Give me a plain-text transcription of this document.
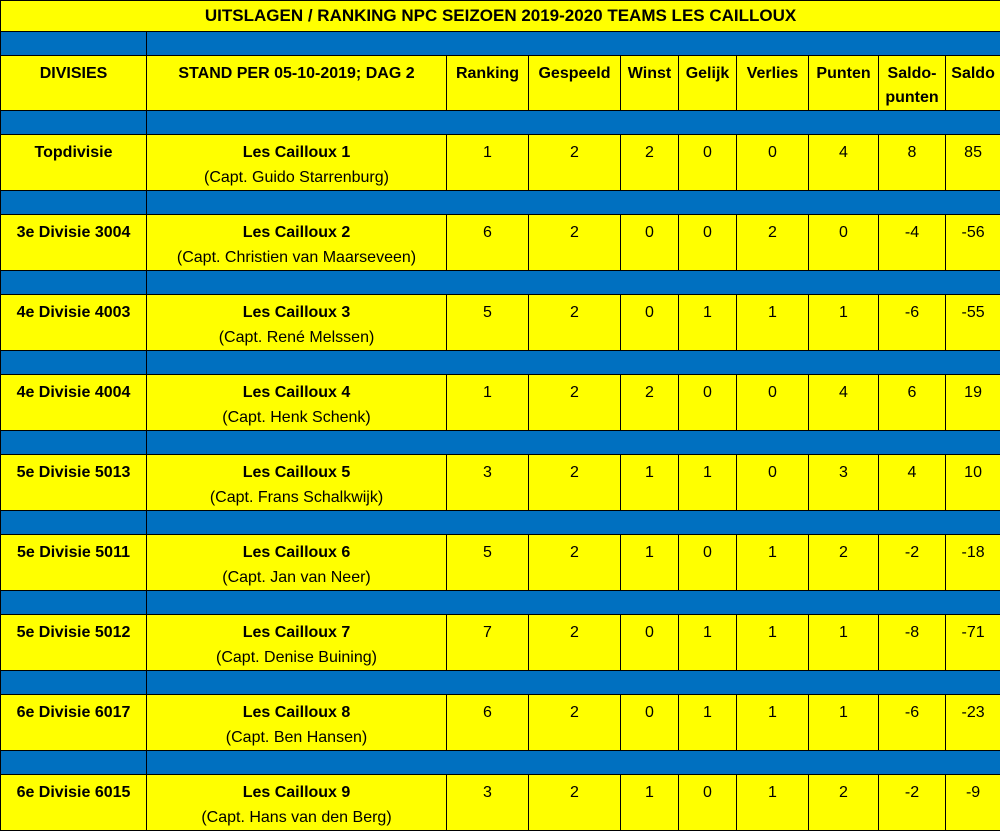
UITSLAGEN / RANKING NPC SEIZOEN 2019-2020 TEAMS LES CAILLOUX									

DIVISIES	STAND PER 05-10-2019; DAG 2	Ranking	Gespeeld	Winst	Gelijk	Verlies	Punten	Saldo-
punten	Saldo

Topdivisie	Les Cailloux 1
(Capt. Guido Starrenburg)	1	2	2	0	0	4	8	85

3e Divisie 3004	Les Cailloux 2
(Capt. Christien van Maarseveen)	6	2	0	0	2	0	-4	-56

4e Divisie 4003	Les Cailloux 3
(Capt. René Melssen)	5	2	0	1	1	1	-6	-55

4e Divisie 4004	Les Cailloux 4
(Capt. Henk Schenk)	1	2	2	0	0	4	6	19

5e Divisie 5013	Les Cailloux 5
(Capt. Frans Schalkwijk)	3	2	1	1	0	3	4	10

5e Divisie 5011	Les Cailloux 6
(Capt. Jan van Neer)	5	2	1	0	1	2	-2	-18

5e Divisie 5012	Les Cailloux 7
(Capt. Denise Buining)	7	2	0	1	1	1	-8	-71

6e Divisie 6017	Les Cailloux 8
(Capt. Ben Hansen)	6	2	0	1	1	1	-6	-23

6e Divisie 6015	Les Cailloux 9
(Capt. Hans van den Berg)	3	2	1	0	1	2	-2	-9
